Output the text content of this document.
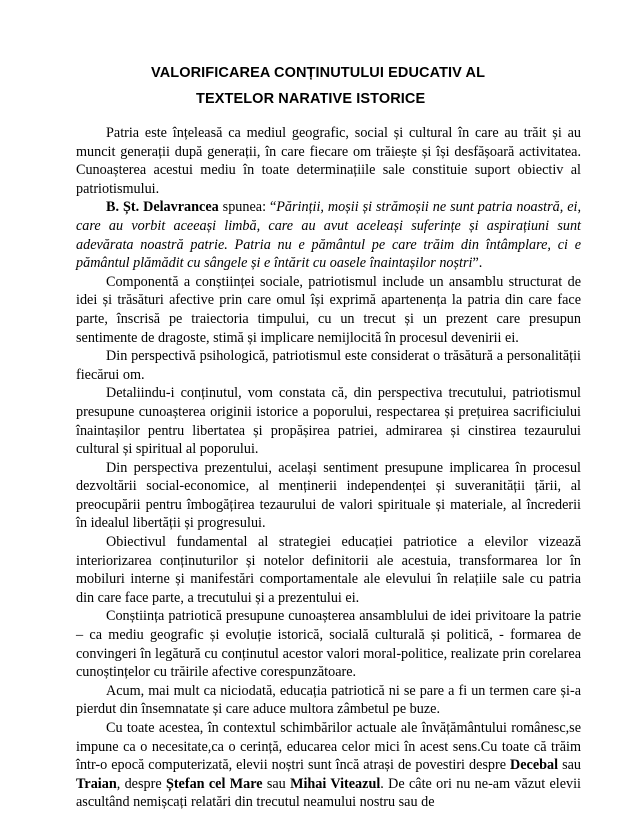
VALORIFICAREA CONȚINUTULUI EDUCATIV AL
TEXTELOR NARATIVE ISTORICE

Patria este înțeleasă ca mediul geografic, social și cultural în care au trăit și au muncit generații după generații, în care fiecare om trăiește și își desfășoară activitatea. Cunoașterea acestui mediu în toate determinațiile sale constituie suport obiectiv al patriotismului.

B. Șt. Delavrancea spunea: “Părinții, moșii și strămoșii ne sunt patria noastră, ei, care au vorbit aceeași limbă, care au avut aceleași suferințe și aspirațiuni sunt adevărata noastră patrie. Patria nu e pământul pe care trăim din întâmplare, ci e pământul plămădit cu sângele și e întărit cu oasele înaintașilor noștri”.

Componentă a conștiinței sociale, patriotismul include un ansamblu structurat de idei și trăsături afective prin care omul își exprimă apartenența la patria din care face parte, înscrisă pe traiectoria timpului, cu un trecut și un prezent care presupun sentimente de dragoste, stimă și implicare nemijlocită în procesul devenirii ei.

Din perspectivă psihologică, patriotismul este considerat o trăsătură a personalității fiecărui om.

Detaliindu-i conținutul, vom constata că, din perspectiva trecutului, patriotismul presupune cunoașterea originii istorice a poporului, respectarea și prețuirea sacrificiului înaintașilor pentru libertatea și propășirea patriei, admirarea și cinstirea tezaurului cultural și spiritual al poporului.

Din perspectiva prezentului, același sentiment presupune implicarea în procesul dezvoltării social-economice, al menținerii independenței și suveranității țării, al preocupării pentru îmbogățirea tezaurului de valori spirituale și materiale, al încrederii în idealul libertății și progresului.

Obiectivul fundamental al strategiei educației patriotice a elevilor vizează interiorizarea conținuturilor și notelor definitorii ale acestuia, transformarea lor în mobiluri interne și manifestări comportamentale ale elevului în relațiile sale cu patria din care face parte, a trecutului și a prezentului ei.

Conștiința patriotică presupune cunoașterea ansamblului de idei privitoare la patrie – ca mediu geografic și evoluție istorică, socială culturală și politică, - formarea de convingeri în legătură cu conținutul acestor valori moral-politice, realizate prin corelarea cunoștințelor cu trăirile afective corespunzătoare.

Acum, mai mult ca niciodată, educația patriotică ni se pare a fi un termen care și-a pierdut din însemnatate și care aduce multora zâmbetul pe buze.

Cu toate acestea, în contextul schimbărilor actuale ale învățământului românesc,se impune ca o necesitate,ca o cerință, educarea celor mici în acest sens.Cu toate că trăim într-o epocă computerizată, elevii noștri sunt încă atrași de povestiri despre Decebal sau Traian, despre Ștefan cel Mare sau Mihai Viteazul. De câte ori nu ne-am văzut elevii ascultând nemișcați relatări din trecutul neamului nostru sau de
